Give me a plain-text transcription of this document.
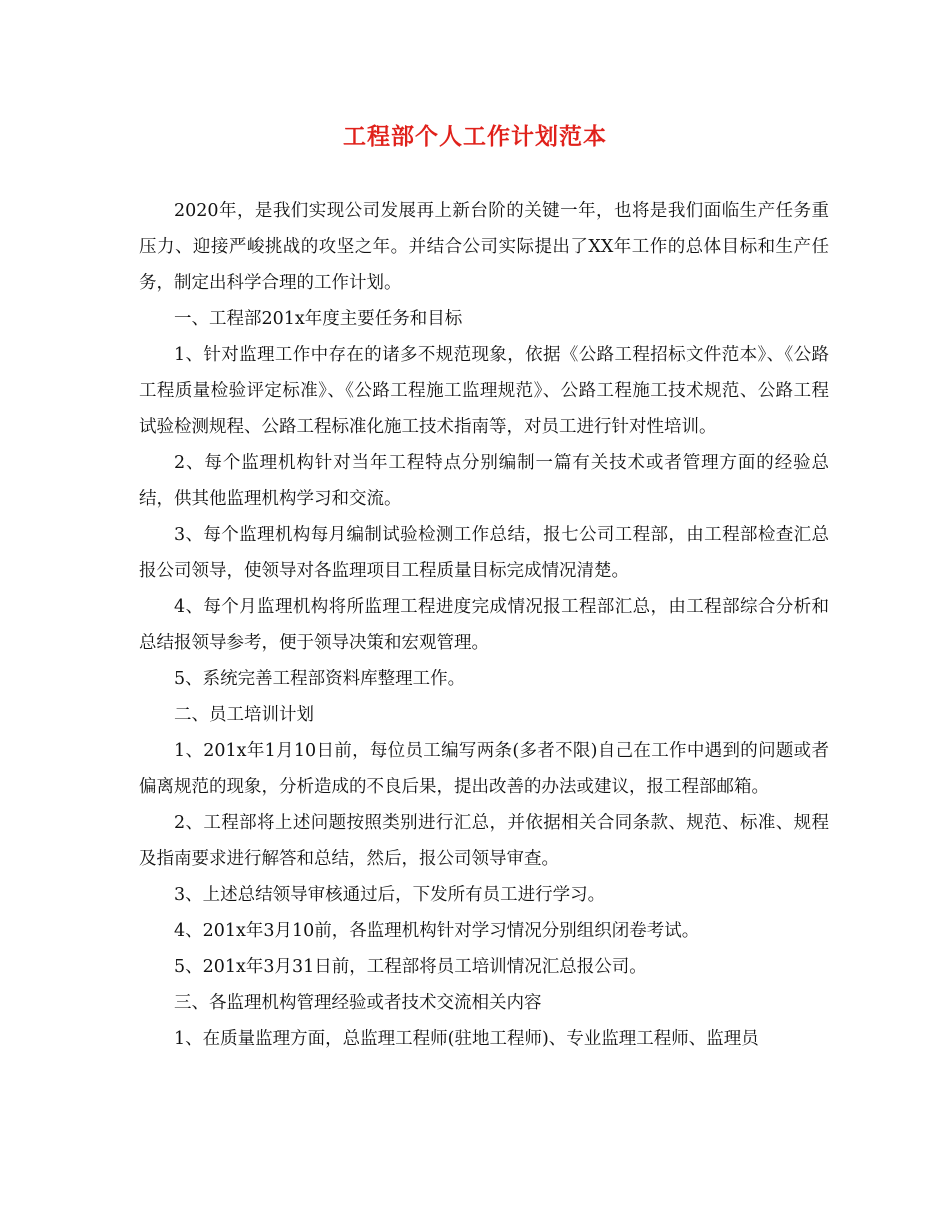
工程部个人工作计划范本

2020年，是我们实现公司发展再上新台阶的关键一年，也将是我们面临生产任务重压力、迎接严峻挑战的攻坚之年。并结合公司实际提出了XX年工作的总体目标和生产任务，制定出科学合理的工作计划。

一、工程部201x年度主要任务和目标

1、针对监理工作中存在的诸多不规范现象，依据《公路工程招标文件范本》、《公路工程质量检验评定标准》、《公路工程施工监理规范》、公路工程施工技术规范、公路工程试验检测规程、公路工程标准化施工技术指南等，对员工进行针对性培训。

2、每个监理机构针对当年工程特点分别编制一篇有关技术或者管理方面的经验总结，供其他监理机构学习和交流。

3、每个监理机构每月编制试验检测工作总结，报七公司工程部，由工程部检查汇总报公司领导，使领导对各监理项目工程质量目标完成情况清楚。

4、每个月监理机构将所监理工程进度完成情况报工程部汇总，由工程部综合分析和总结报领导参考，便于领导决策和宏观管理。

5、系统完善工程部资料库整理工作。

二、员工培训计划

1、201x年1月10日前，每位员工编写两条(多者不限)自己在工作中遇到的问题或者偏离规范的现象，分析造成的不良后果，提出改善的办法或建议，报工程部邮箱。

2、工程部将上述问题按照类别进行汇总，并依据相关合同条款、规范、标准、规程及指南要求进行解答和总结，然后，报公司领导审查。

3、上述总结领导审核通过后，下发所有员工进行学习。

4、201x年3月10前，各监理机构针对学习情况分别组织闭卷考试。

5、201x年3月31日前，工程部将员工培训情况汇总报公司。

三、各监理机构管理经验或者技术交流相关内容

1、在质量监理方面，总监理工程师(驻地工程师)、专业监理工程师、监理员
